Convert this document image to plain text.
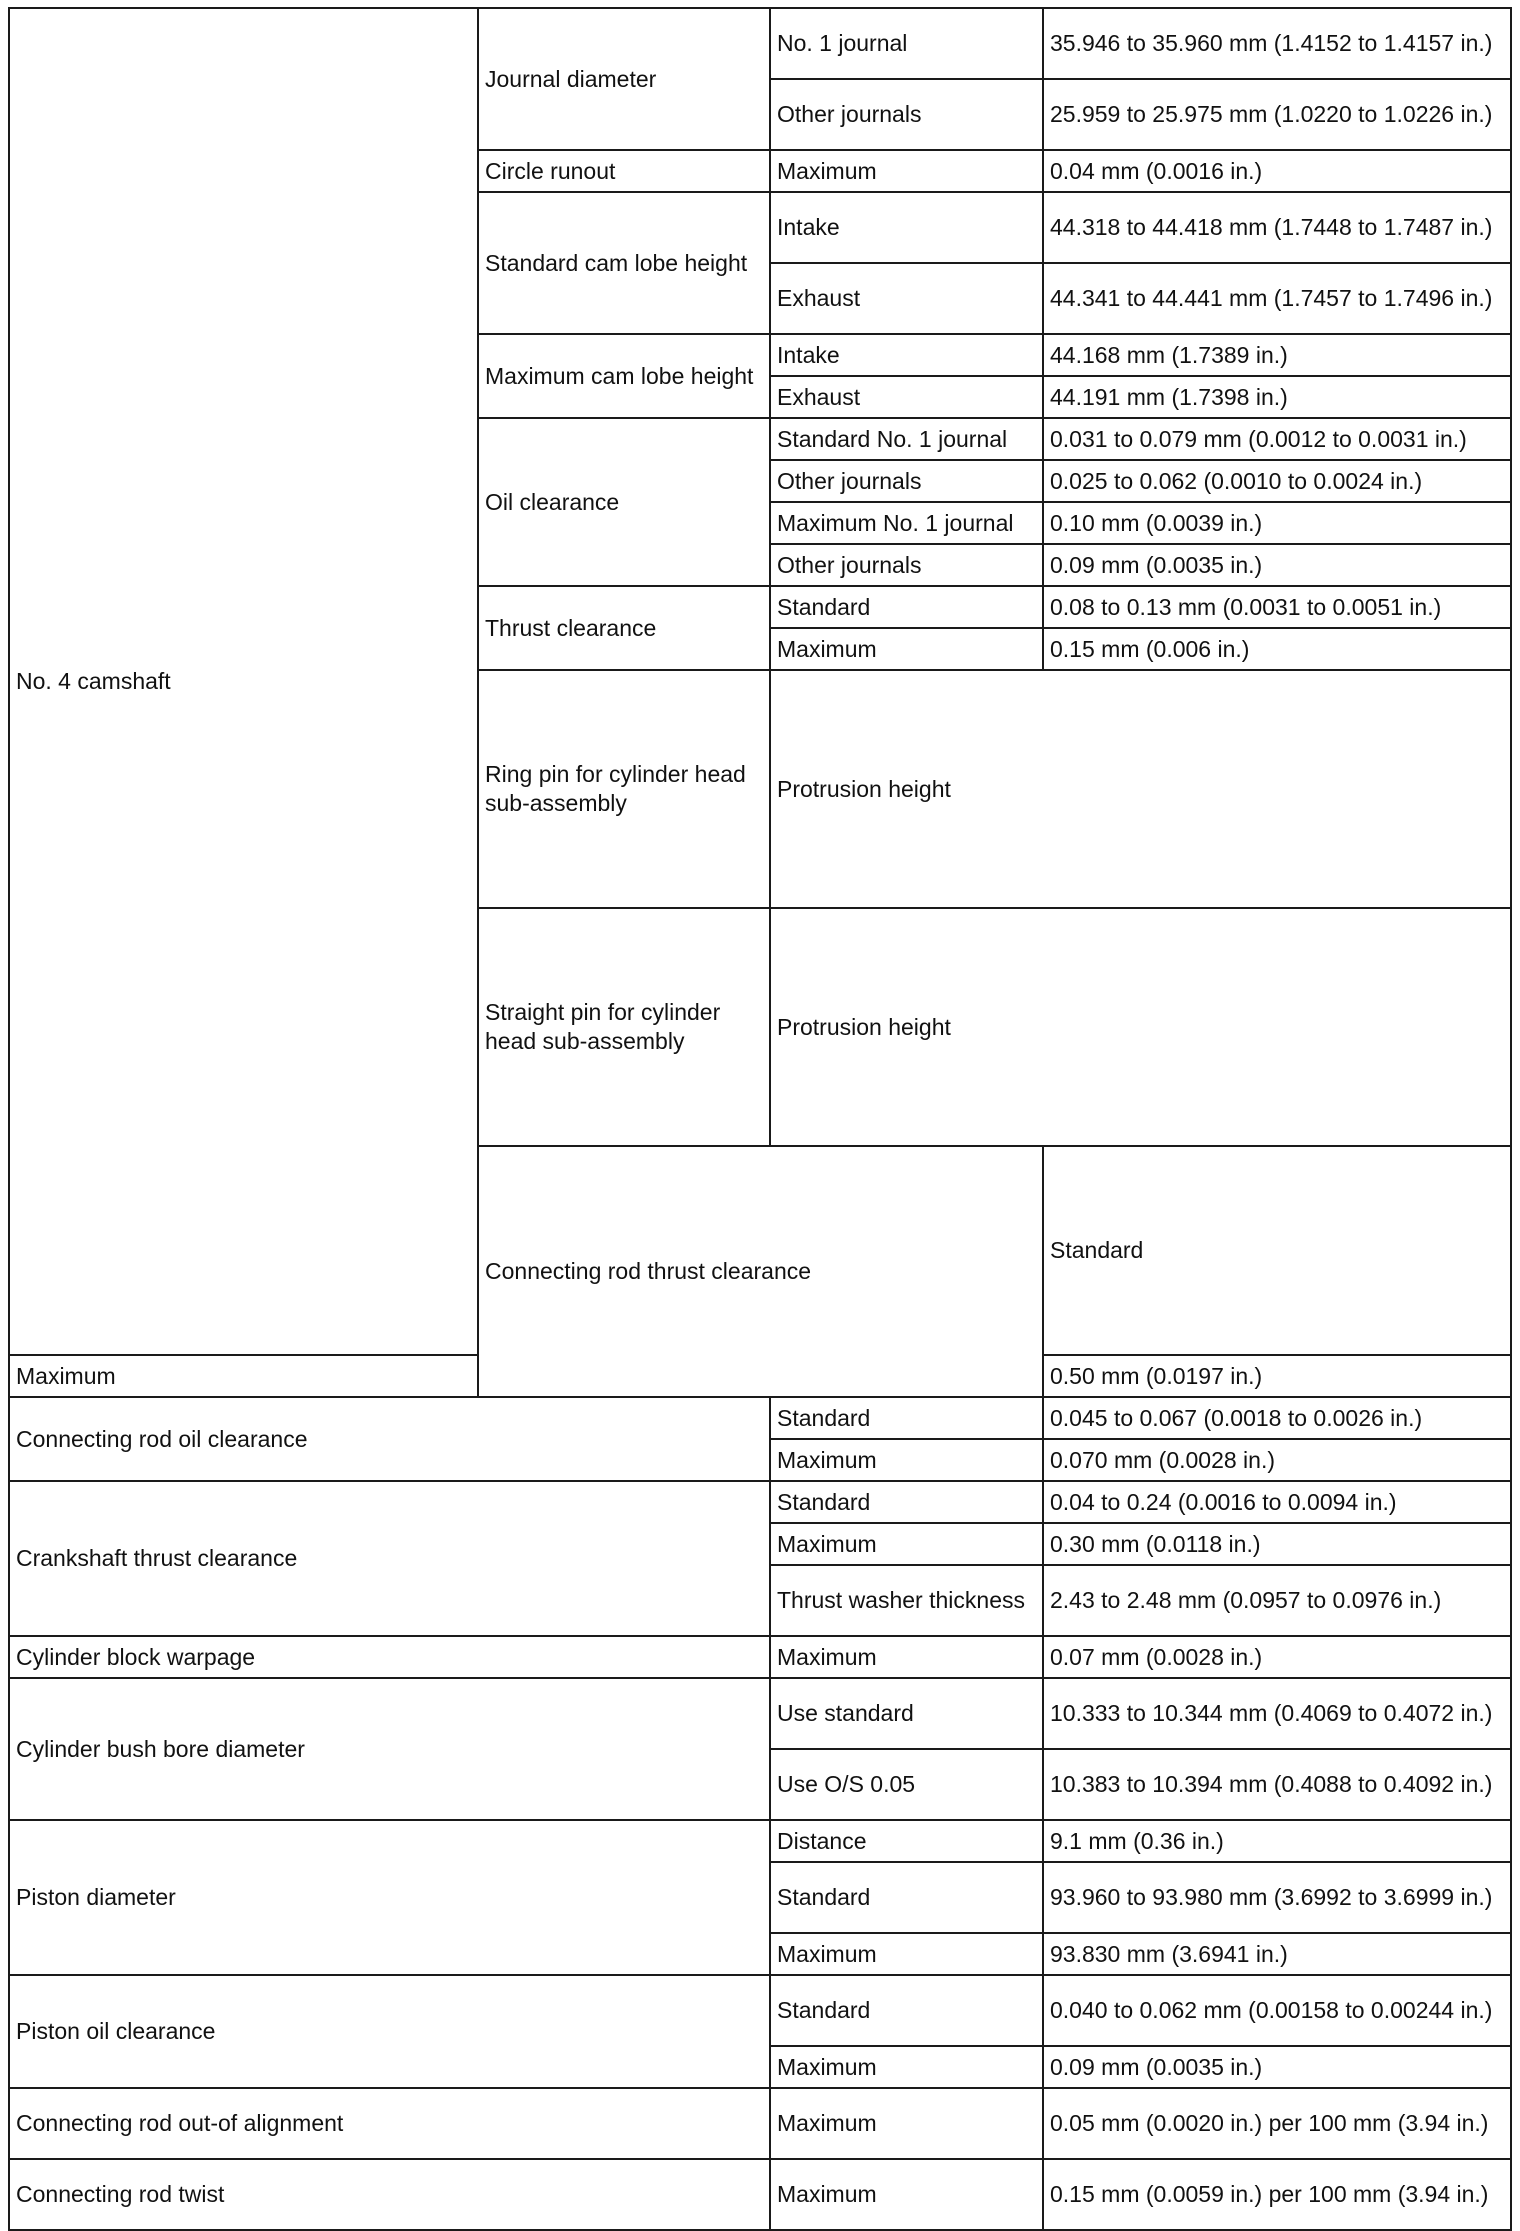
No. 4 camshaft	Journal diameter	No. 1 journal	35.946 to 35.960 mm (1.4152 to 1.4157 in.)	
		Other journals	25.959 to 25.975 mm (1.0220 to 1.0226 in.)	
	Circle runout	Maximum	0.04 mm (0.0016 in.)	
	Standard cam lobe height	Intake	44.318 to 44.418 mm (1.7448 to 1.7487 in.)	
		Exhaust	44.341 to 44.441 mm (1.7457 to 1.7496 in.)	
	Maximum cam lobe height	Intake	44.168 mm (1.7389 in.)	
		Exhaust	44.191 mm (1.7398 in.)	
	Oil clearance	Standard No. 1 journal	0.031 to 0.079 mm (0.0012 to 0.0031 in.)	
		Other journals	0.025 to 0.062 (0.0010 to 0.0024 in.)	
		Maximum No. 1 journal	0.10 mm (0.0039 in.)	
		Other journals	0.09 mm (0.0035 in.)	
	Thrust clearance	Standard	0.08 to 0.13 mm (0.0031 to 0.0051 in.)	
		Maximum	0.15 mm (0.006 in.)	
	Ring pin for cylinder head sub-assembly	Protrusion height	
	Straight pin for cylinder head sub-assembly	Protrusion height	
	Connecting rod thrust clearance		Standard	
Maximum			0.50 mm (0.0197 in.)	
Connecting rod oil clearance		Standard	0.045 to 0.067 (0.0018 to 0.0026 in.)	
		Maximum	0.070 mm (0.0028 in.)	
Crankshaft thrust clearance		Standard	0.04 to 0.24 (0.0016 to 0.0094 in.)	
		Maximum	0.30 mm (0.0118 in.)	
		Thrust washer thickness	2.43 to 2.48 mm (0.0957 to 0.0976 in.)	
Cylinder block warpage		Maximum	0.07 mm (0.0028 in.)	
Cylinder bush bore diameter		Use standard	10.333 to 10.344 mm (0.4069 to 0.4072 in.)	
		Use O/S 0.05	10.383 to 10.394 mm (0.4088 to 0.4092 in.)	
Piston diameter		Distance	9.1 mm (0.36 in.)	
		Standard	93.960 to 93.980 mm (3.6992 to 3.6999 in.)	
		Maximum	93.830 mm (3.6941 in.)	
Piston oil clearance		Standard	0.040 to 0.062 mm (0.00158 to 0.00244 in.)	
		Maximum	0.09 mm (0.0035 in.)	
Connecting rod out-of alignment		Maximum	0.05 mm (0.0020 in.) per 100 mm (3.94 in.)	
Connecting rod twist		Maximum	0.15 mm (0.0059 in.) per 100 mm (3.94 in.)	
